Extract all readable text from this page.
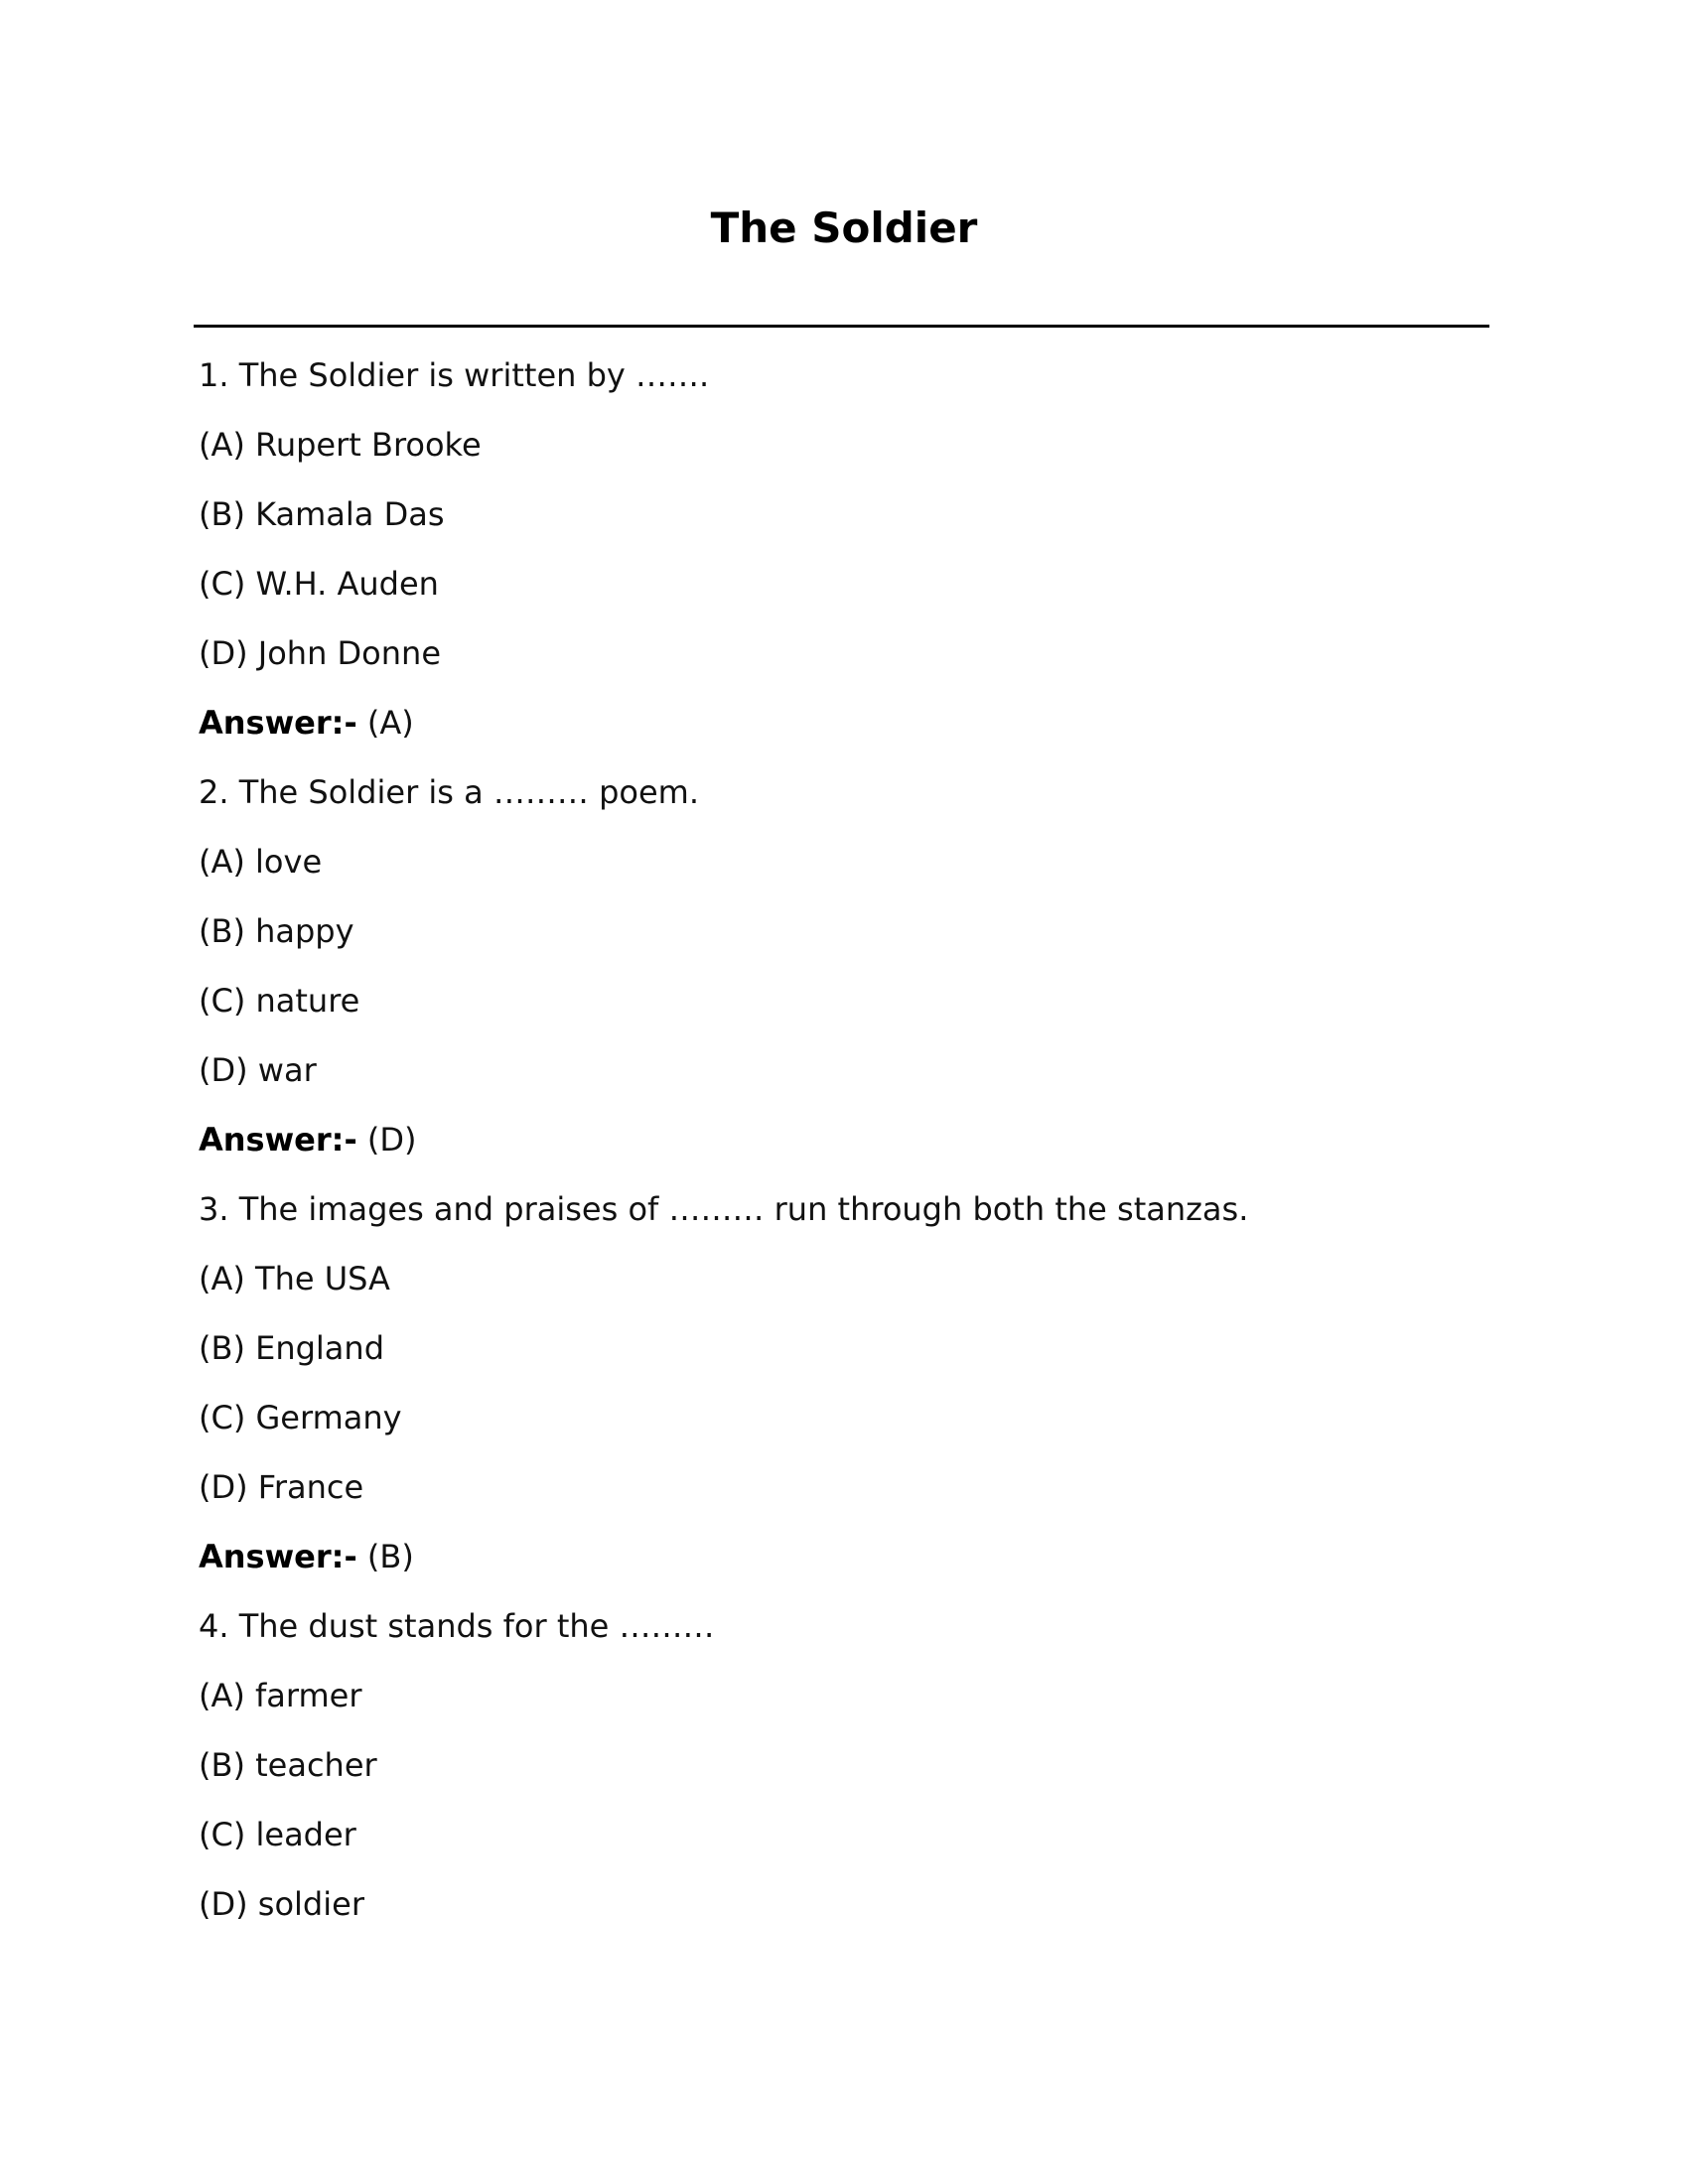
The Soldier
1. The Soldier is written by …….
(A) Rupert Brooke
(B) Kamala Das
(C) W.H. Auden
(D) John Donne
Answer:- (A)
2. The Soldier is a ……… poem.
(A) love
(B) happy
(C) nature
(D) war
Answer:- (D)
3. The images and praises of ……… run through both the stanzas.
(A) The USA
(B) England
(C) Germany
(D) France
Answer:- (B)
4. The dust stands for the ………
(A) farmer
(B) teacher
(C) leader
(D) soldier
